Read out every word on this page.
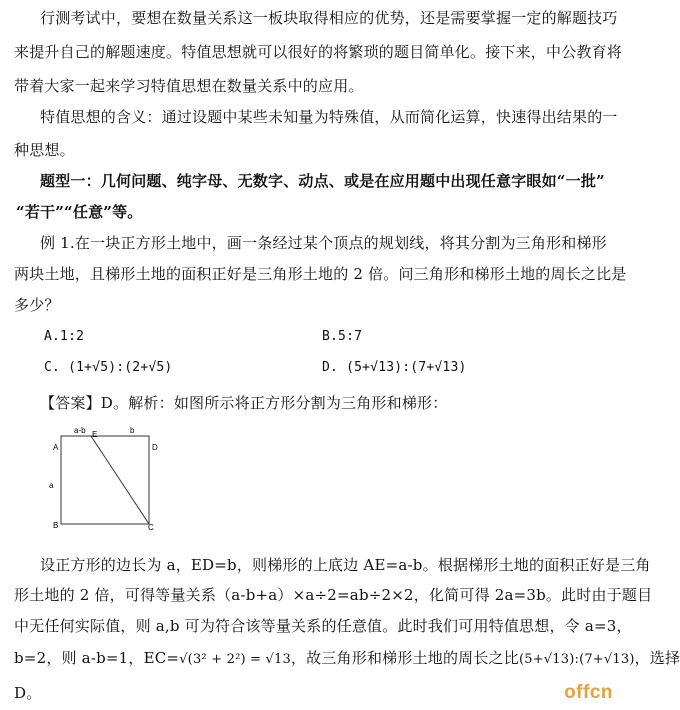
行测考试中，要想在数量关系这一板块取得相应的优势，还是需要掌握一定的解题技巧
来提升自己的解题速度。特值思想就可以很好的将繁琐的题目简单化。接下来，中公教育将
带着大家一起来学习特值思想在数量关系中的应用。
特值思想的含义：通过设题中某些未知量为特殊值，从而简化运算，快速得出结果的一
种思想。
题型一：几何问题、纯字母、无数字、动点、或是在应用题中出现任意字眼如“一批”
“若干”“任意”等。
例 1.在一块正方形土地中，画一条经过某个顶点的规划线，将其分割为三角形和梯形
两块土地，且梯形土地的面积正好是三角形土地的 2 倍。问三角形和梯形土地的周长之比是
多少？
A.1:2	B.5:7
C. (1+√5):(2+√5)	D. (5+√13):(7+√13)
【答案】D。解析：如图所示将正方形分割为三角形和梯形：
设正方形的边长为 a，ED=b，则梯形的上底边 AE=a-b。根据梯形土地的面积正好是三角
形土地的 2 倍，可得等量关系（a-b+a）×a÷2=ab÷2×2，化简可得 2a=3b。此时由于题目
中无任何实际值，则 a,b 可为符合该等量关系的任意值。此时我们可用特值思想，令 a=3，
b=2，则 a-b=1，EC=√(3² + 2²) = √13，故三角形和梯形土地的周长之比(5+√13):(7+√13)，选择
D。
a-b E	b
A	D
a
B	C
offcn
